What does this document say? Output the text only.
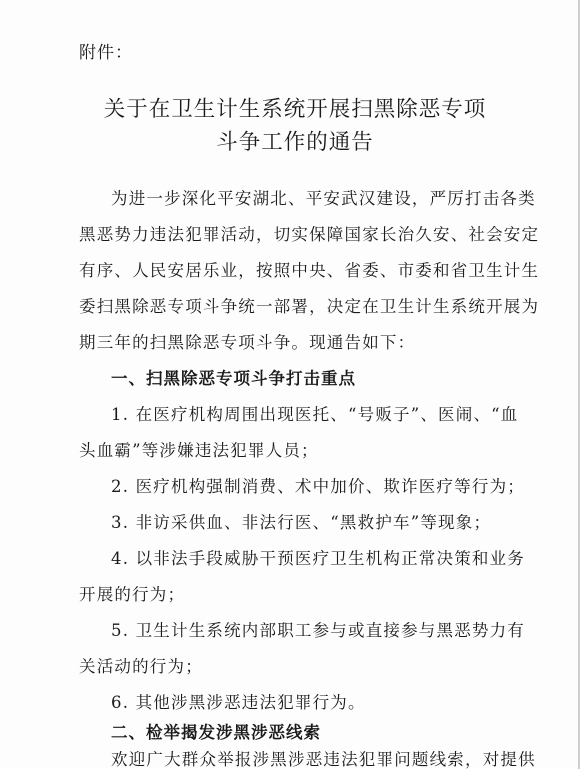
附件：
关于在卫生计生系统开展扫黑除恶专项
斗争工作的通告
为进一步深化平安湖北、平安武汉建设，严厉打击各类
黑恶势力违法犯罪活动，切实保障国家长治久安、社会安定
有序、人民安居乐业，按照中央、省委、市委和省卫生计生
委扫黑除恶专项斗争统一部署，决定在卫生计生系统开展为
期三年的扫黑除恶专项斗争。现通告如下：
一、扫黑除恶专项斗争打击重点
1. 在医疗机构周围出现医托、“号贩子”、医闹、“血
头血霸”等涉嫌违法犯罪人员；
2. 医疗机构强制消费、术中加价、欺诈医疗等行为；
3. 非访采供血、非法行医、“黑救护车”等现象；
4. 以非法手段威胁干预医疗卫生机构正常决策和业务
开展的行为；
5. 卫生计生系统内部职工参与或直接参与黑恶势力有
关活动的行为；
6. 其他涉黑涉恶违法犯罪行为。
二、检举揭发涉黑涉恶线索
欢迎广大群众举报涉黑涉恶违法犯罪问题线索，对提供
